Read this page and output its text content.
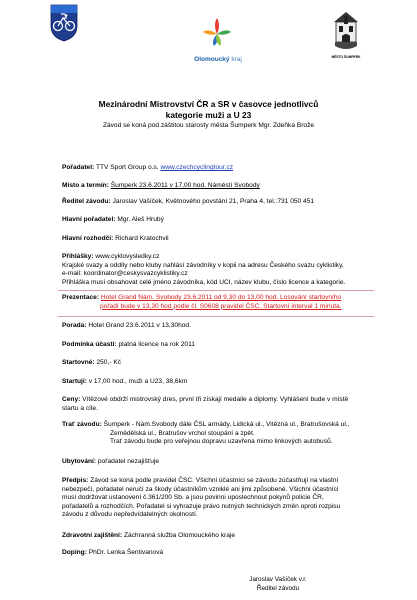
Olomoucký kraj	MĚSTO ŠUMPERK
Mezinárodní Mistrovství ČR a SR v časovce jednotlivců
kategorie muži a U 23
Závod se koná pod záštitou starosty města Šumperk Mgr. Zdeňka Brože
Pořadatel: TTV Sport Group o.s. www.czechcyclingtour.cz
Místo a termín: Šumperk 23.6.2011 v 17,00 hod. Náměstí Svobody
Ředitel závodu: Jaroslav Vašíček, Květnového povstání 21, Praha 4, tel.:731 050 451
Hlavní pořadatel: Mgr. Aleš Hrubý
Hlavní rozhodčí: Richard Kratochvil
Přihlášky: www.cyklovysledky.cz
Krajské svazy a oddíly nebo kluby nahlásí závodníky v kopii na adresu Českého svazu cyklistiky,
e-mail: koordinator@ceskysvazcyklistiky.cz
Přihláška musí obsahovat celé jméno závodníka, kód UCI, název klubu, číslo licence a kategorie.
Prezentace: Hotel Grand Nám. Svobody 23.6.2011 od 9,30 do 13,00 hod. Losování startovního
pořadí bude v 13,30 hod podle čl. S0608 pravidel ČSC. Startovní interval 1 minuta.
Porada: Hotel Grand 23.6.2011 v 13,30hod.
Podmínka účasti: platná licence na rok 2011
Startovné: 250,- Kč
Startují: v 17,00 hod., muži a U23, 38,6km
Ceny: Vítězové obdrží mistrovský dres, první tři získají medaile a diplomy. Vyhlášení bude v místě
startu a cíle.
Trať závodu: Šumperk - Nám.Svobody dále ČSL armády, Lidická ul., Vitězná ul., Bratrušovská ul.,
Zemědělská ul., Bratrušov vrchol stoupání a zpět.
Trať závodu bude pro veřejnou dopravu uzavřena mimo linkových autobusů.
Ubytování: pořadatel nezajišťuje
Předpis: Závod se koná podle pravidel ČSC. Všichni účastníci se závodu zúčastňují na vlastní
nebezpečí, pořadatel neručí za škody účastníkům vzniklé ani jimi způsobené. Všichni účastníci
musí dodržovat ustanovení č.361/200 Sb. a jsou povinni uposlechnout pokynů policie ČR,
pořadatelů a rozhodčích. Pořadatel si vyhrazuje právo nutných technických změn oproti rozpisu
závodu z důvodu nepředvídatelných okolností.
Zdravotní zajištění: Záchranná služba Olomouckého kraje
Doping: PhDr. Lenka Šentivanová
Jaroslav Vašíček v.r.
Ředitel závodu
